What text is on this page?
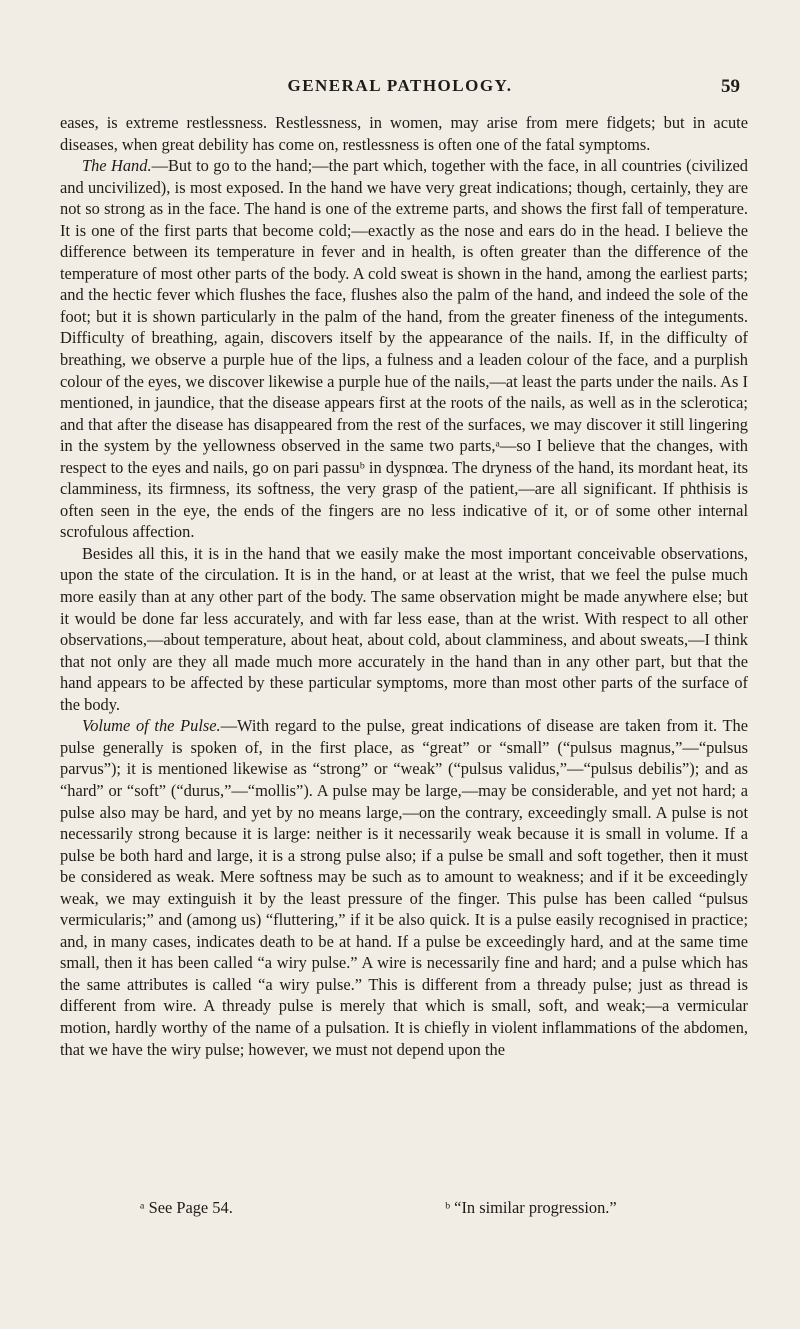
GENERAL PATHOLOGY.	59

eases, is extreme restlessness. Restlessness, in women, may arise from mere fidgets; but in acute diseases, when great debility has come on, restlessness is often one of the fatal symptoms.

The Hand.—But to go to the hand;—the part which, together with the face, in all countries (civilized and uncivilized), is most exposed. In the hand we have very great indications; though, certainly, they are not so strong as in the face. The hand is one of the extreme parts, and shows the first fall of temperature. It is one of the first parts that become cold;—exactly as the nose and ears do in the head. I believe the difference between its temperature in fever and in health, is often greater than the difference of the temperature of most other parts of the body. A cold sweat is shown in the hand, among the earliest parts; and the hectic fever which flushes the face, flushes also the palm of the hand, and indeed the sole of the foot; but it is shown particularly in the palm of the hand, from the greater fineness of the integuments. Difficulty of breathing, again, discovers itself by the appearance of the nails. If, in the difficulty of breathing, we observe a purple hue of the lips, a fulness and a leaden colour of the face, and a purplish colour of the eyes, we discover likewise a purple hue of the nails,—at least the parts under the nails. As I mentioned, in jaundice, that the disease appears first at the roots of the nails, as well as in the sclerotica; and that after the disease has disappeared from the rest of the surfaces, we may discover it still lingering in the system by the yellowness observed in the same two parts,ᵃ—so I believe that the changes, with respect to the eyes and nails, go on pari passuᵇ in dyspnœa. The dryness of the hand, its mordant heat, its clamminess, its firmness, its softness, the very grasp of the patient,—are all significant. If phthisis is often seen in the eye, the ends of the fingers are no less indicative of it, or of some other internal scrofulous affection.

Besides all this, it is in the hand that we easily make the most important conceivable observations, upon the state of the circulation. It is in the hand, or at least at the wrist, that we feel the pulse much more easily than at any other part of the body. The same observation might be made anywhere else; but it would be done far less accurately, and with far less ease, than at the wrist. With respect to all other observations,—about temperature, about heat, about cold, about clamminess, and about sweats,—I think that not only are they all made much more accurately in the hand than in any other part, but that the hand appears to be affected by these particular symptoms, more than most other parts of the surface of the body.

Volume of the Pulse.—With regard to the pulse, great indications of disease are taken from it. The pulse generally is spoken of, in the first place, as “great” or “small” (“pulsus magnus,”—“pulsus parvus”); it is mentioned likewise as “strong” or “weak” (“pulsus validus,”—“pulsus debilis”); and as “hard” or “soft” (“durus,”—“mollis”). A pulse may be large,—may be considerable, and yet not hard; a pulse also may be hard, and yet by no means large,—on the contrary, exceedingly small. A pulse is not necessarily strong because it is large: neither is it necessarily weak because it is small in volume. If a pulse be both hard and large, it is a strong pulse also; if a pulse be small and soft together, then it must be considered as weak. Mere softness may be such as to amount to weakness; and if it be exceedingly weak, we may extinguish it by the least pressure of the finger. This pulse has been called “pulsus vermicularis;” and (among us) “fluttering,” if it be also quick. It is a pulse easily recognised in practice; and, in many cases, indicates death to be at hand. If a pulse be exceedingly hard, and at the same time small, then it has been called “a wiry pulse.” A wire is necessarily fine and hard; and a pulse which has the same attributes is called “a wiry pulse.” This is different from a thready pulse; just as thread is different from wire. A thready pulse is merely that which is small, soft, and weak;—a vermicular motion, hardly worthy of the name of a pulsation. It is chiefly in violent inflammations of the abdomen, that we have the wiry pulse; however, we must not depend upon the

ᵃ See Page 54.	ᵇ “In similar progression.”
